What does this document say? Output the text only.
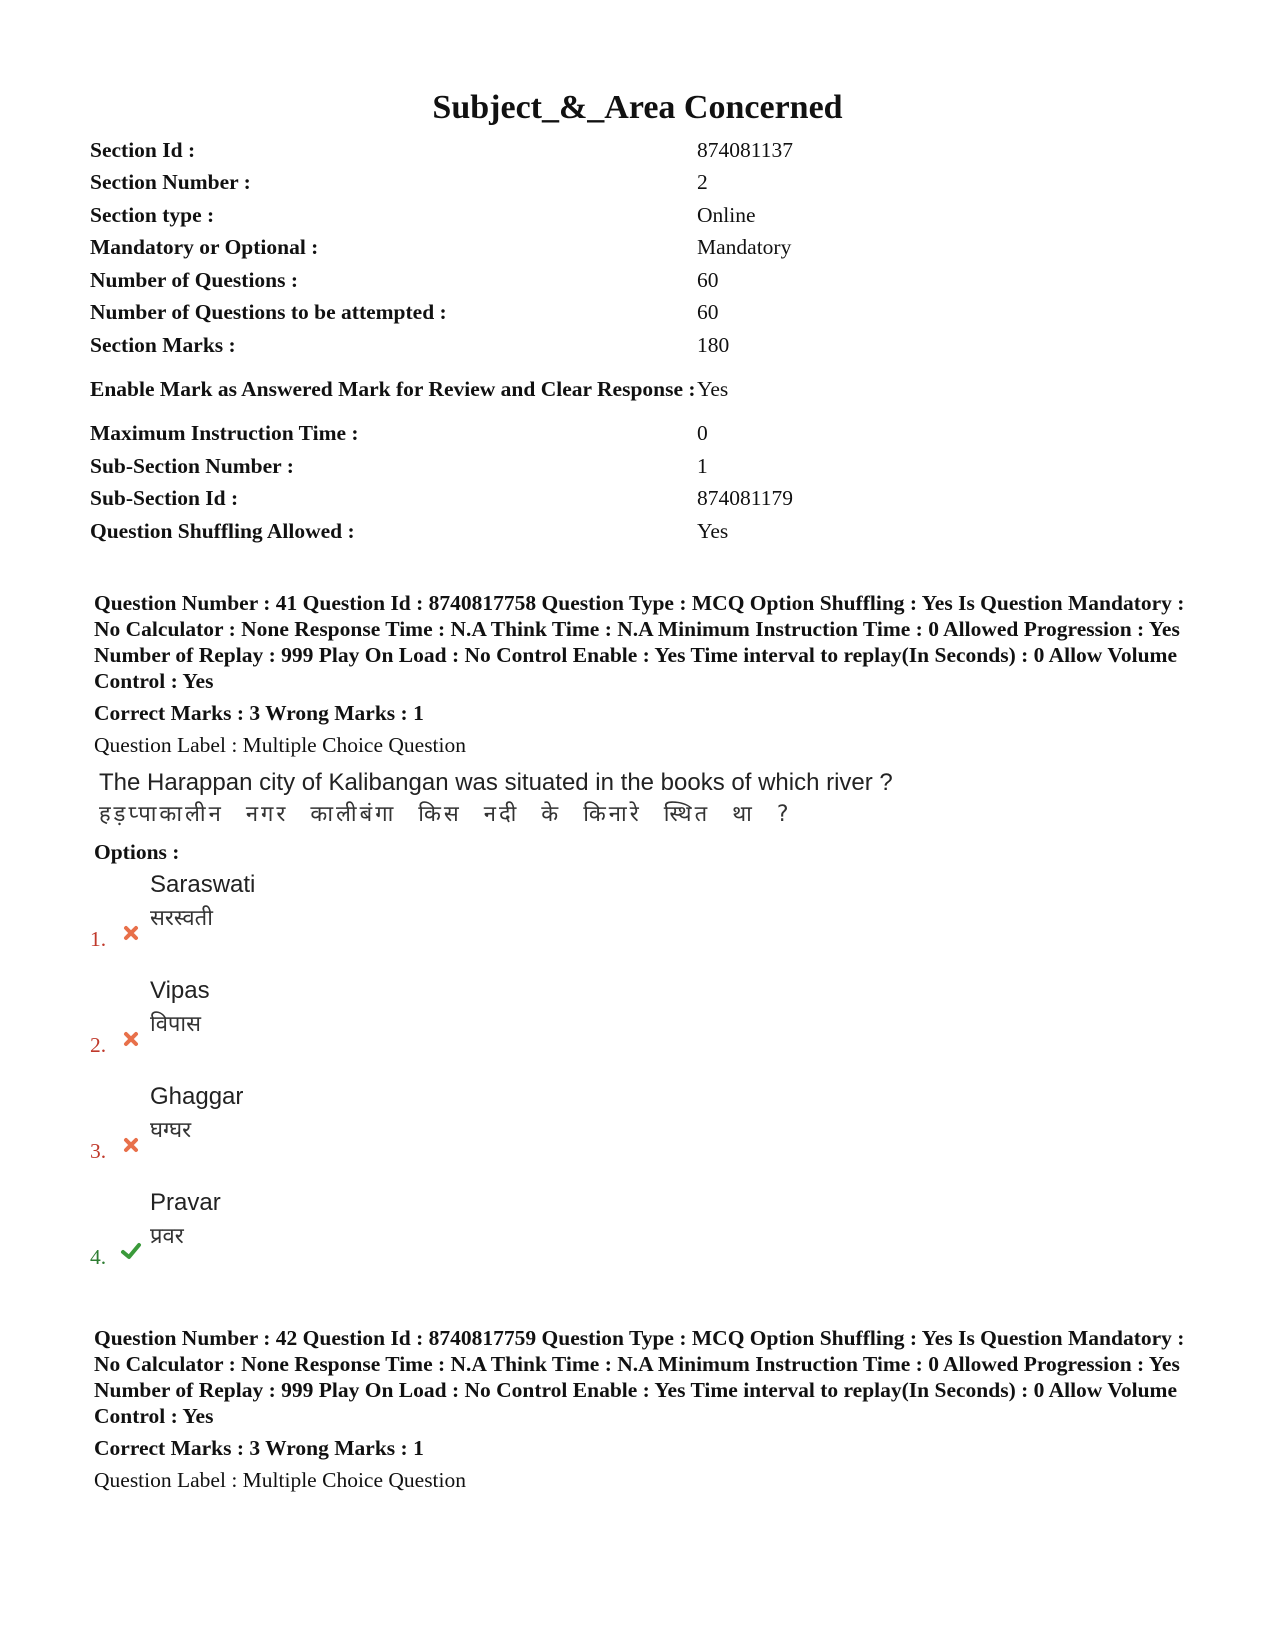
Subject_&_Area Concerned
Section Id :	874081137
Section Number :	2
Section type :	Online
Mandatory or Optional :	Mandatory
Number of Questions :	60
Number of Questions to be attempted :	60
Section Marks :	180
Enable Mark as Answered Mark for Review and Clear Response : Yes
Maximum Instruction Time :	0
Sub-Section Number :	1
Sub-Section Id :	874081179
Question Shuffling Allowed :	Yes
Question Number : 41 Question Id : 8740817758 Question Type : MCQ Option Shuffling : Yes Is Question Mandatory : No Calculator : None Response Time : N.A Think Time : N.A Minimum Instruction Time : 0 Allowed Progression : Yes Number of Replay : 999 Play On Load : No Control Enable : Yes Time interval to replay(In Seconds) : 0 Allow Volume Control : Yes
Correct Marks : 3 Wrong Marks : 1
Question Label : Multiple Choice Question
The Harappan city of Kalibangan was situated in the books of which river ?
हड़प्पाकालीन नगर कालीबंगा किस नदी के किनारे स्थित था ?
Options :
Saraswati
सरस्वती
1.
Vipas
विपास
2.
Ghaggar
घग्घर
3.
Pravar
प्रवर
4.
Question Number : 42 Question Id : 8740817759 Question Type : MCQ Option Shuffling : Yes Is Question Mandatory : No Calculator : None Response Time : N.A Think Time : N.A Minimum Instruction Time : 0 Allowed Progression : Yes Number of Replay : 999 Play On Load : No Control Enable : Yes Time interval to replay(In Seconds) : 0 Allow Volume Control : Yes
Correct Marks : 3 Wrong Marks : 1
Question Label : Multiple Choice Question
